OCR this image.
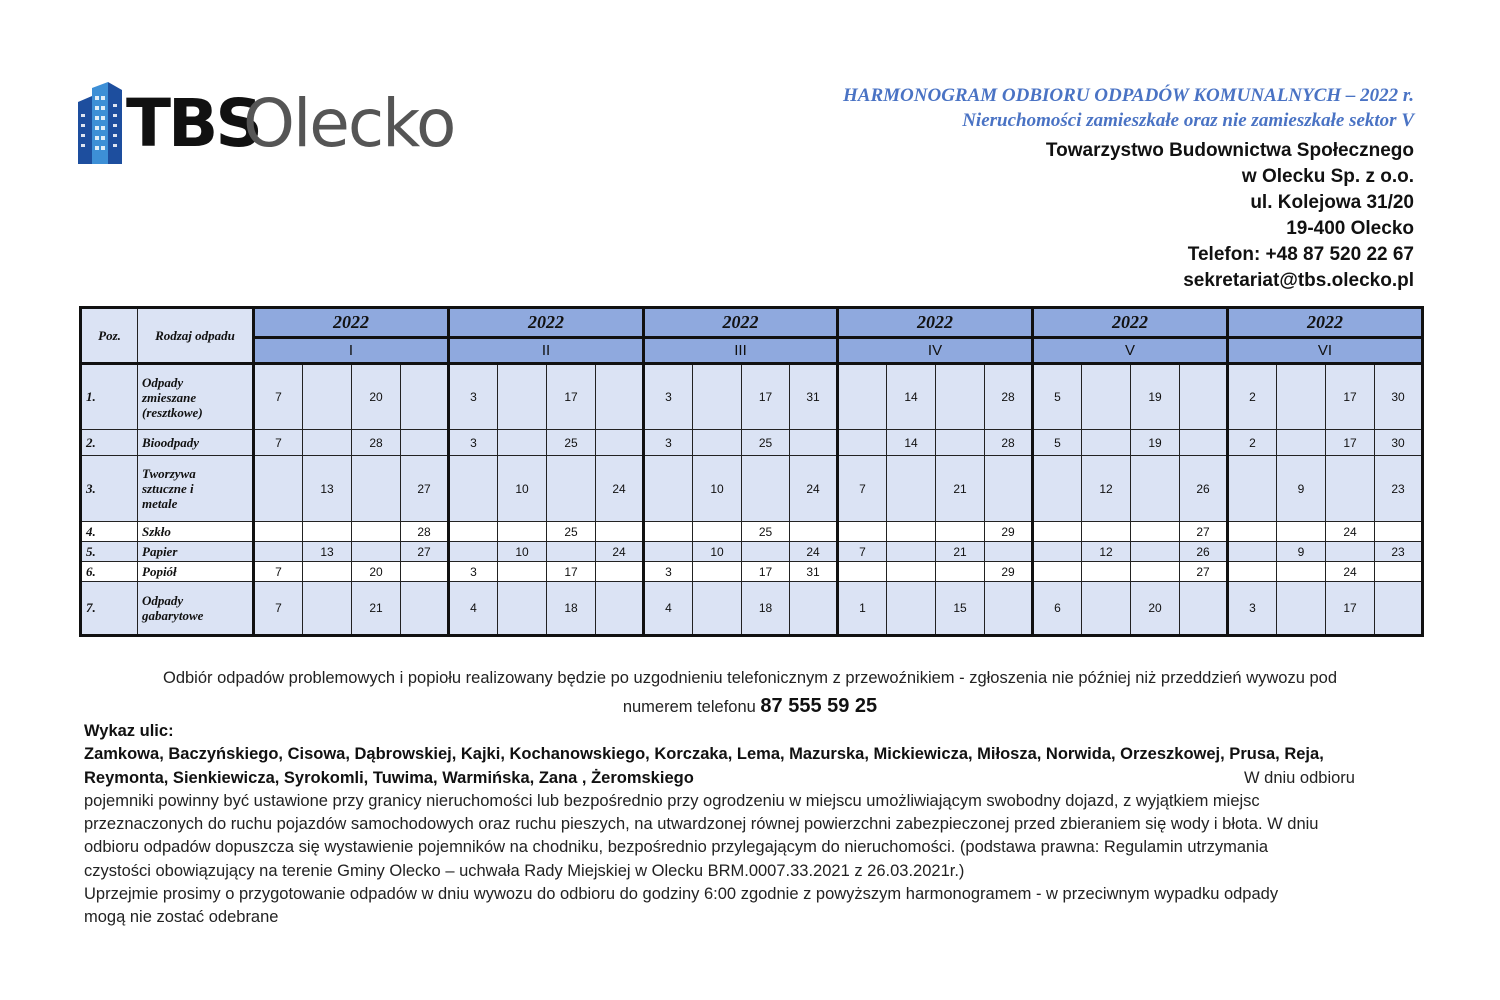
TBS
Olecko	HARMONOGRAM ODBIORU ODPADÓW KOMUNALNYCH – 2022 r.
Nieruchomości zamieszkałe oraz nie zamieszkałe sektor V
Towarzystwo Budownictwa Społecznego
w Olecku Sp. z o.o.
ul. Kolejowa 31/20
19-400 Olecko
Telefon: +48 87 520 22 67
sekretariat@tbs.olecko.pl
Poz.	Rodzaj odpadu	2022				2022				2022				2022				2022				2022			
		I				II				III				IV				V				VI			
1.	Odpady
zmieszane
(resztkowe)	7		20		3		17		3		17	31		14		28	5		19		2		17	30
2.	Bioodpady	7		28		3		25		3		25			14		28	5		19		2		17	30
3.	Tworzywa
sztuczne i
metale		13		27		10		24		10		24	7		21			12		26		9		23
4.	Szkło				28			25				25					29				27			24	
5.	Papier		13		27		10		24		10		24	7		21			12		26		9		23
6.	Popiół	7		20		3		17		3		17	31				29				27			24	
7.	Odpady
gabarytowe	7		21		4		18		4		18		1		15		6		20		3		17	
Odbiór odpadów problemowych i popiołu realizowany będzie po uzgodnieniu telefonicznym z przewoźnikiem - zgłoszenia nie później niż przeddzień wywozu pod
numerem telefonu 87 555 59 25
Wykaz ulic:
Zamkowa, Baczyńskiego, Cisowa, Dąbrowskiej, Kajki, Kochanowskiego, Korczaka, Lema, Mazurska, Mickiewicza, Miłosza, Norwida, Orzeszkowej, Prusa, Reja,
Reymonta, Sienkiewicza, Syrokomli, Tuwima, Warmińska, Zana , Żeromskiego	W dniu odbioru
pojemniki powinny być ustawione przy granicy nieruchomości lub bezpośrednio przy ogrodzeniu w miejscu umożliwiającym swobodny dojazd, z wyjątkiem miejsc
przeznaczonych do ruchu pojazdów samochodowych oraz ruchu pieszych, na utwardzonej równej powierzchni zabezpieczonej przed zbieraniem się wody i błota. W dniu
odbioru odpadów dopuszcza się wystawienie pojemników na chodniku, bezpośrednio przylegającym do nieruchomości. (podstawa prawna: Regulamin utrzymania
czystości obowiązujący na terenie Gminy Olecko – uchwała Rady Miejskiej w Olecku BRM.0007.33.2021 z 26.03.2021r.)
Uprzejmie prosimy o przygotowanie odpadów w dniu wywozu do odbioru do godziny 6:00 zgodnie z powyższym harmonogramem - w przeciwnym wypadku odpady
mogą nie zostać odebrane
